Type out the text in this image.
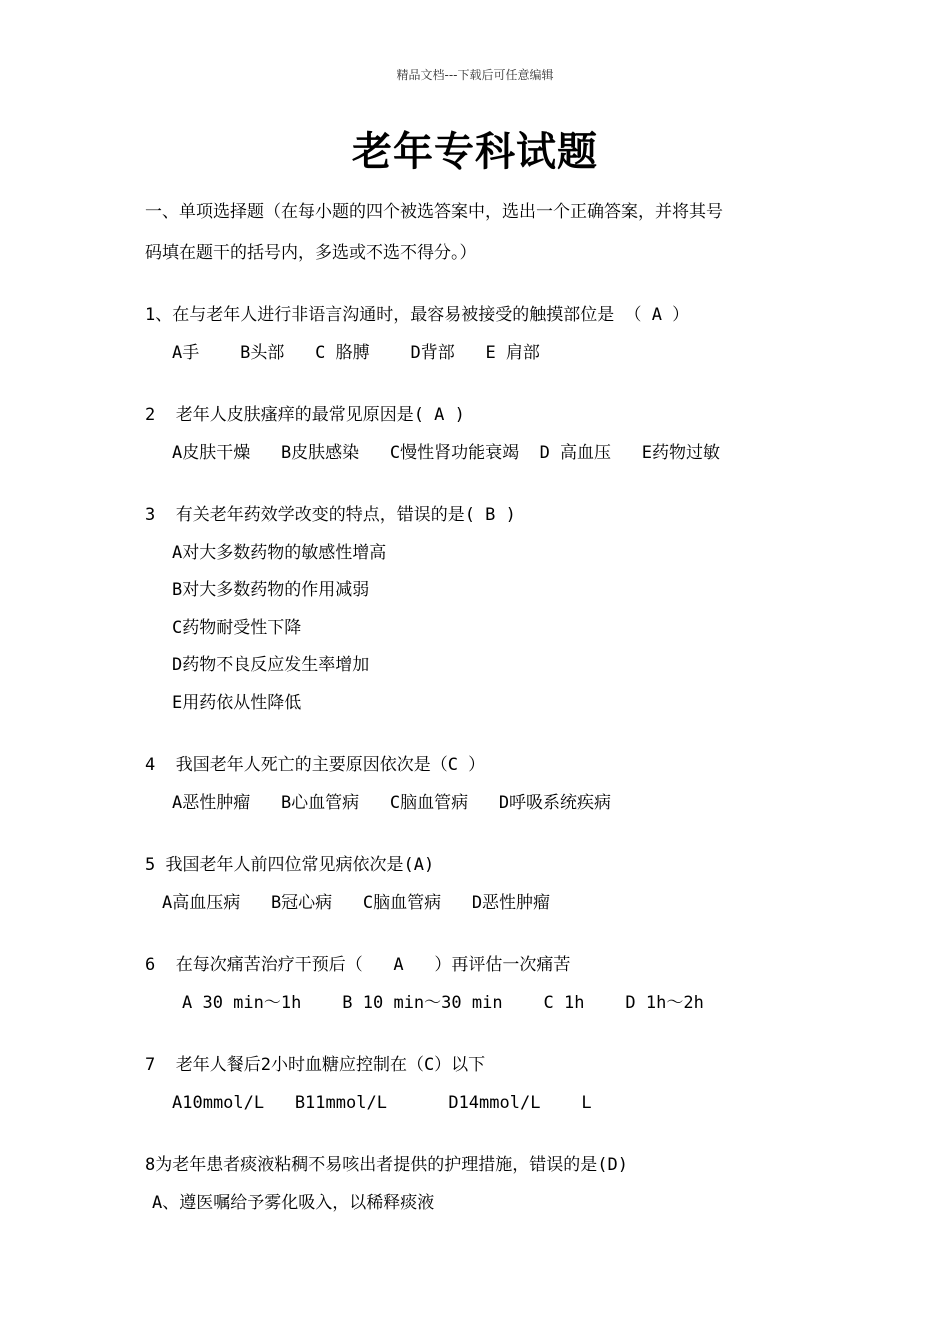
精品文档---下载后可任意编辑
老年专科试题
一、单项选择题（在每小题的四个被选答案中，选出一个正确答案，并将其号
码填在题干的括号内，多选或不选不得分。）
1、在与老年人进行非语言沟通时，最容易被接受的触摸部位是 （ A ）
A手    B头部   C 胳膊    D背部   E 肩部
2  老年人皮肤瘙痒的最常见原因是( A )
A皮肤干燥   B皮肤感染   C慢性肾功能衰竭  D 高血压   E药物过敏
3  有关老年药效学改变的特点，错误的是( B )
A对大多数药物的敏感性增高
B对大多数药物的作用减弱
C药物耐受性下降
D药物不良反应发生率增加
E用药依从性降低
4  我国老年人死亡的主要原因依次是（C ）
A恶性肿瘤   B心血管病   C脑血管病   D呼吸系统疾病
5 我国老年人前四位常见病依次是(A)
A高血压病   B冠心病   C脑血管病   D恶性肿瘤
6  在每次痛苦治疗干预后（   A   ）再评估一次痛苦
A 30 min～1h    B 10 min～30 min    C 1h    D 1h～2h
7  老年人餐后2小时血糖应控制在（C）以下
A10mmol/L   B11mmol/L      D14mmol/L    L
8为老年患者痰液粘稠不易咳出者提供的护理措施，错误的是(D)
A、遵医嘱给予雾化吸入，以稀释痰液
